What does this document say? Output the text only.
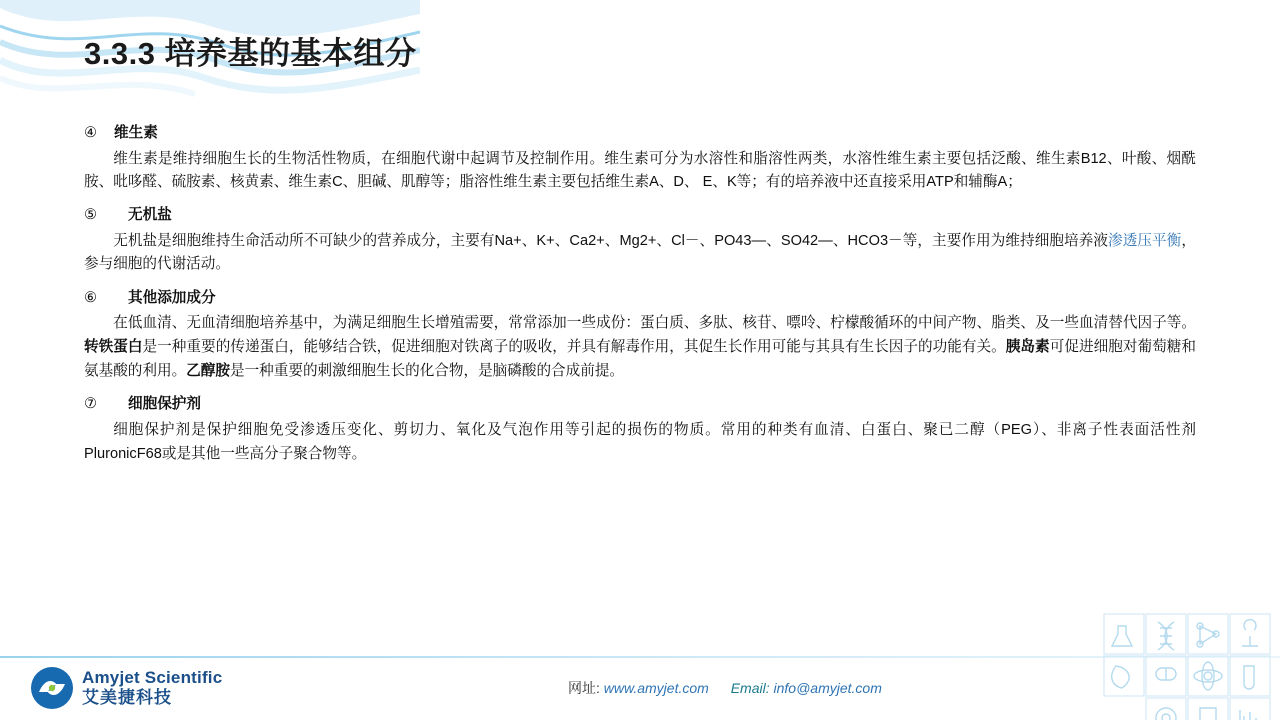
3.3.3 培养基的基本组分
④	维生素

维生素是维持细胞生长的生物活性物质，在细胞代谢中起调节及控制作用。维生素可分为水溶性和脂溶性两类，水溶性维生素主要包括泛酸、维生素B12、叶酸、烟酰胺、吡哆醛、硫胺素、核黄素、维生素C、胆碱、肌醇等；脂溶性维生素主要包括维生素A、D、 E、K等；有的培养液中还直接采用ATP和辅酶A；

⑤	无机盐

无机盐是细胞维持生命活动所不可缺少的营养成分，主要有Na+、K+、Ca2+、Mg2+、Cl－、PO43—、SO42—、HCO3－等，主要作用为维持细胞培养液渗透压平衡，参与细胞的代谢活动。

⑥	其他添加成分

在低血清、无血清细胞培养基中，为满足细胞生长增殖需要，常常添加一些成份：蛋白质、多肽、核苷、嘌呤、柠檬酸循环的中间产物、脂类、及一些血清替代因子等。转铁蛋白是一种重要的传递蛋白，能够结合铁，促进细胞对铁离子的吸收，并具有解毒作用，其促生长作用可能与其具有生长因子的功能有关。胰岛素可促进细胞对葡萄糖和氨基酸的利用。乙醇胺是一种重要的刺激细胞生长的化合物，是脑磷酸的合成前提。

⑦	细胞保护剂

细胞保护剂是保护细胞免受渗透压变化、剪切力、氧化及气泡作用等引起的损伤的物质。常用的种类有血清、白蛋白、聚已二醇（PEG）、非离子性表面活性剂PluronicF68或是其他一些高分子聚合物等。

Amyjet Scientific
艾美捷科技	网址: www.amyjet.com Email: info@amyjet.com
